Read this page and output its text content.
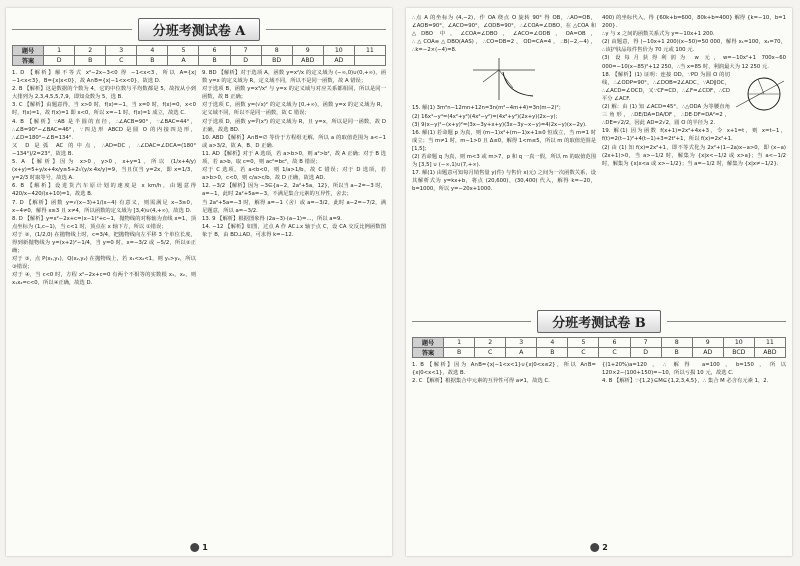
分班考测试卷 A
题号	1	2	3	4	5	6	7	8	9	10	11
答案	D	B	C	B	A	B	D	BD	ABD	AD	

1. D 【解析】解不等式 x²−2x−3<0 得 −1<x<3，所以 A={x|−1<x<3}，B={x|x<0}，故 A∩B={x|−1<x<0}，故选 D.

2. B 【解析】这是数据的个数为 4，它的中位数与平均数都是 5，故按从小到大排列为 2,3,4,5,5,7,9，即知众数为 5，选 B.

3. C 【解析】由题意得，当 x>0 时，f(x)=−1，当 x=0 时，f(x)=0，x<0 时，f(x)=1，故 f(x)=1 即 x<0，所以 x=−1 时，f(x)=1 成立，故选 C.

4. B 【解析】∵AB 是半圆的直径，∴∠ACB=90°，∵∠BAC=44°，∴∠B=90°−∠BAC=46°，∵四边形 ABCD 是圆 O 的内接四边形，∴∠D=180°−∠B=134°.

又 D 是弧 AC 的中点，∴AD=DC，∴∠DAC=∠DCA=(180°−134°)/2=23°，故选 B.

5. A 【解析】因为 x>0，y>0，x+y=1，所以 (1/x+4/y)(x+y)=5+y/x+4x/y≥5+2√(y/x·4x/y)=9，当且仅当 y=2x，即 x=1/3，y=2/3 时取等号，故选 A.

6. B 【解析】设进货汽车原计划的速度是 x km/h，由题意得 420/x−420/(x+10)=1，故选 B.

7. D 【解析】函数 y=√(x−3)+1/(x−4) 有意义，则需满足 x−3≥0，x−4≠0，解得 x≥3 且 x≠4，所以函数的定义域为 [3,4)∪(4,+∞)，故选 D.

8. D 【解析】y=x²−2x+c=(x−1)²+c−1，抛物线的对称轴为直线 x=1，顶点坐标为 (1,c−1)，当 c<1 时，顶点在 x 轴下方，所以 ①错误；

对于 ②，(1/2,0) 在抛物线上时，c=3/4，把抛物线向左平移 3 个单位长度，得到新抛物线为 y=(x+2)²−1/4，当 y=0 时，x=−3/2 或 −5/2，所以②正确；

对于 ③，点 P(x₁,y₁)，Q(x₂,y₂) 在抛物线上，若 x₁<x₂<1，则 y₁>y₂，所以③错误；

对于 ④，当 c<0 时，方程 x²−2x+c=0 有两个不相等的实数根 x₁，x₂，则 x₁x₂=c<0，所以④正确，故选 D.

9. BD 【解析】对于选项 A，函数 y=x²/x 的定义域为 (−∞,0)∪(0,+∞)，函数 y=x 的定义域为 R，定义域不同，所以不是同一函数，故 A 错误；

对于选项 B，函数 y=x³/x² 与 y=x 的定义域与对应关系都相同，所以是同一函数，故 B 正确；

对于选项 C，函数 y=(√x)² 的定义域为 [0,+∞)，函数 y=x 的定义域为 R，定义域不同，所以不是同一函数，故 C 错误；

对于选项 D，函数 y=∛(x³) 的定义域为 R，且 y=x，所以是同一函数，故 D 正确，故选 BD.

10. ABD 【解析】A∩B=∅ 等价于方程组无解，所以 a 的取值范围为 a<−1 或 a>3/2，故 A、B、D 正确.

11. AD 【解析】对于 A 选项，若 a>b>0，则 a²>b²，故 A 正确；对于 B 选项，若 a>b，取 c=0，则 ac²=bc²，故 B 错误；

对于 C 选项，若 a<b<0，则 1/a>1/b，故 C 错误；对于 D 选项，若 a>b>0，c<0，则 c/a>c/b，故 D 正确，故选 AD.

12. −3/2 【解析】因为 −3∈{a−2，2a²+5a，12}，所以当 a−2=−3 时，a=−1，此时 2a²+5a=−3，不满足集合元素的互异性，舍去；

当 2a²+5a=−3 时，解得 a=−1（舍）或 a=−3/2，此时 a−2=−7/2，满足题意，所以 a=−3/2.

13. 9 【解析】根据图象得 (2a−3)·(a−1)=…，所以 a=9.

14. −12 【解析】如图，过点 A 作 AC⊥x 轴于点 C，设 CA 交反比例函数图象于 B，由 BD⊥AD，可求得 k=−12.

1

∴点 A 的坐标为 (4,−2)，作 OA 绕点 O 旋转 90° 得 OB，∴AO=OB，∠AOB=90°，∠ACO=90°，∠ODB=90°，∴∠COA=∠DBO，在 △COA 和 △DBO 中，∠COA=∠DBO，∠ACO=∠ODB，OA=OB，∴△COA≌△DBO(AAS)，∴CO=DB=2，OD=CA=4，∴B(−2,−4)，∴k=−2×(−4)=8.

15. 解(1) 3m²n−12mn+12n=3n(m²−4m+4)=3n(m−2)²；

(2) 16x⁴−y⁴=(4x²+y²)(4x²−y²)=(4x²+y²)(2x+y)(2x−y)；

(3) 9(x−y)²−(x+y)²=(3x−3y+x+y)(3x−3y−x−y)=4(2x−y)(x−2y).

16. 解(1) 若命题 p 为真，则 (m−1)x²+(m−1)x+1≥0 恒成立，当 m=1 时成立；当 m≠1 时，m−1>0 且 Δ≤0，解得 1<m≤5，所以 m 的取值范围是 [1,5]；

(2) 若命题 q 为真，则 m<3 或 m>7，p 和 q 一真一假，所以 m 的取值范围为 [3,5] ∪ (−∞,1)∪(7,+∞).

17. 解(1) 由题意可知每月销售量 y(件) 与售价 x(元) 之间为一次函数关系，设其解析式为 y=kx+b，将点 (20,600)，(30,400) 代入，解得 k=−20，b=1000，所以 y=−20x+1000.

400) 的坐标代入，得 {60k+b=600，80k+b=400} 解得 {k=−10，b=1 200}.

∴y 与 x 之间的函数关系式为 y=−10x+1 200.

(2) 由题意，得 (−10x+1 200)(x−50)=50 000，解得 x₁=100，x₂=70，∴该护肤品每件售价为 70 元或 100 元.

(3) 设每月获得利润为 w 元，w=−10x²+1 700x−60 000=−10(x−85)²+12 250，∴当 x=85 时，利润最大为 12 250 元.

18. 【解析】(1) 证明：连接 OD，∵PD 为圆 O 的切线，∴∠ODP=90°，∴∠DOB=2∠ADC，∵AD∥OC，∴∠ACD=∠OCD，又∵CF=CD，∴∠F=∠CDF，∴CD 平分 ∠ACF.

(2) 解：由 (1) 知 ∠ACD=45°，∴△ODA 为等腰直角三角形，∴DE/DA=DA/DF，∴DE·DF=DA²=2，∴DE=√2/2，因此 AD=2√2，圆 O 的半径为 2.

19. 解(1) 因为函数 f(x+1)=2x²+4x+3，令 x+1=t，则 x=t−1，f(t)=2(t−1)²+4(t−1)+3=2t²+1，所以 f(x)=2x²+1.

(2) 由 (1) 知 f(x)=2x²+1，即不等式化为 2x²+(1−2a)x−a>0，即 (x−a)(2x+1)>0，当 a>−1/2 时，解集为 {x|x<−1/2 或 x>a}；当 a<−1/2 时，解集为 {x|x<a 或 x>−1/2}；当 a=−1/2 时，解集为 {x|x≠−1/2}.

分班考测试卷 B
题号	1	2	3	4	5	6	7	8	9	10	11
答案	B	C	A	B	C	C	D	B	AD	BCD	ABD

1. B 【解析】因为 A∩B={x|−1<x<1}∪{x|0<x≤2}，所以 A∩B={x|0<x<1}，故选 B.

2. C 【解析】根据集合中元素的互异性可得 a≠1，故选 C.

{(1+20%)a=120，∴ 解得 a=100，b=150，所以 120×2−(100+150)=−10，所以亏损 10 元，故选 C.

4. B 【解析】∵{1,2}⊆M⊆{1,2,3,4,5}，∴ 集合 M 必含有元素 1，2.

2
